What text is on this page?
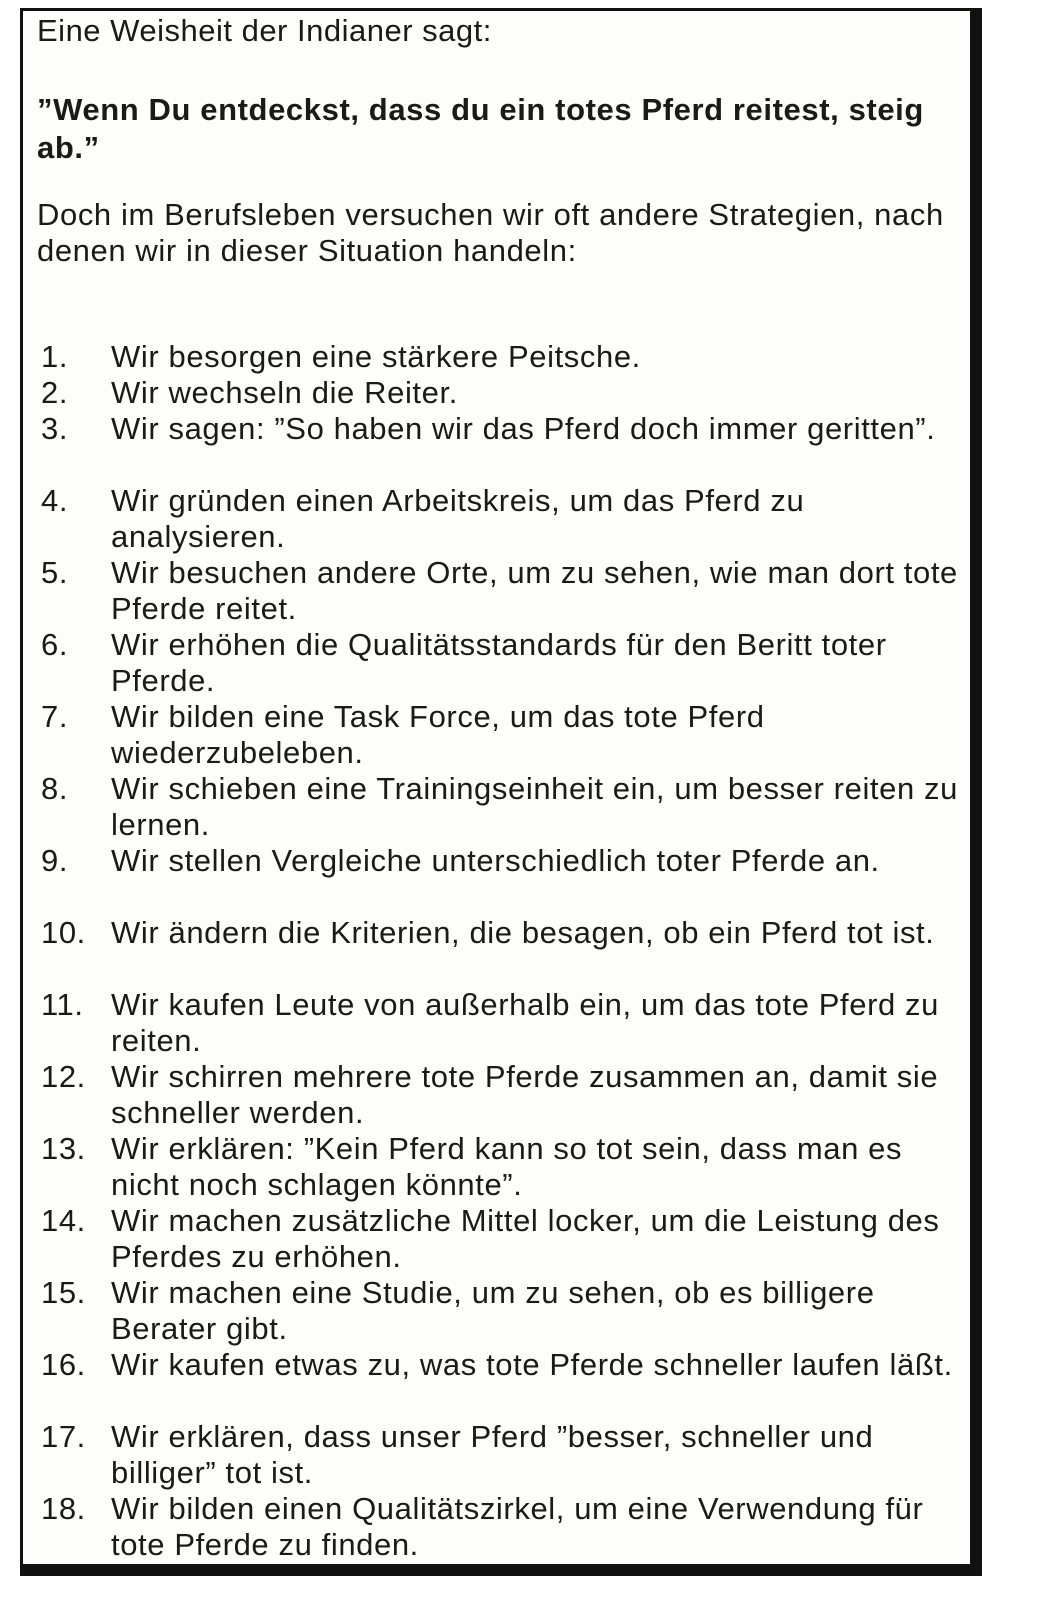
Eine Weisheit der Indianer sagt:
”Wenn Du entdeckst, dass du ein totes Pferd reitest, steig ab.”
Doch im Berufsleben versuchen wir oft andere Strategien, nach denen wir in dieser Situation handeln:
1.	Wir besorgen eine stärkere Peitsche.
2.	Wir wechseln die Reiter.
3.	Wir sagen: ”So haben wir das Pferd doch immer geritten”.
4.	Wir gründen einen Arbeitskreis, um das Pferd zu analysieren.
5.	Wir besuchen andere Orte, um zu sehen, wie man dort tote Pferde reitet.
6.	Wir erhöhen die Qualitätsstandards für den Beritt toter Pferde.
7.	Wir bilden eine Task Force, um das tote Pferd wiederzubeleben.
8.	Wir schieben eine Trainingseinheit ein, um besser reiten zu lernen.
9.	Wir stellen Vergleiche unterschiedlich toter Pferde an.
10. Wir ändern die Kriterien, die besagen, ob ein Pferd tot ist.
11. Wir kaufen Leute von außerhalb ein, um das tote Pferd zu reiten.
12. Wir schirren mehrere tote Pferde zusammen an, damit sie schneller werden.
13. Wir erklären: ”Kein Pferd kann so tot sein, dass man es nicht noch schlagen könnte”.
14. Wir machen zusätzliche Mittel locker, um die Leistung des Pferdes zu erhöhen.
15. Wir machen eine Studie, um zu sehen, ob es billigere Berater gibt.
16. Wir kaufen etwas zu, was tote Pferde schneller laufen läßt.
17. Wir erklären, dass unser Pferd ”besser, schneller und billiger” tot ist.
18. Wir bilden einen Qualitätszirkel, um eine Verwendung für tote Pferde zu finden.
